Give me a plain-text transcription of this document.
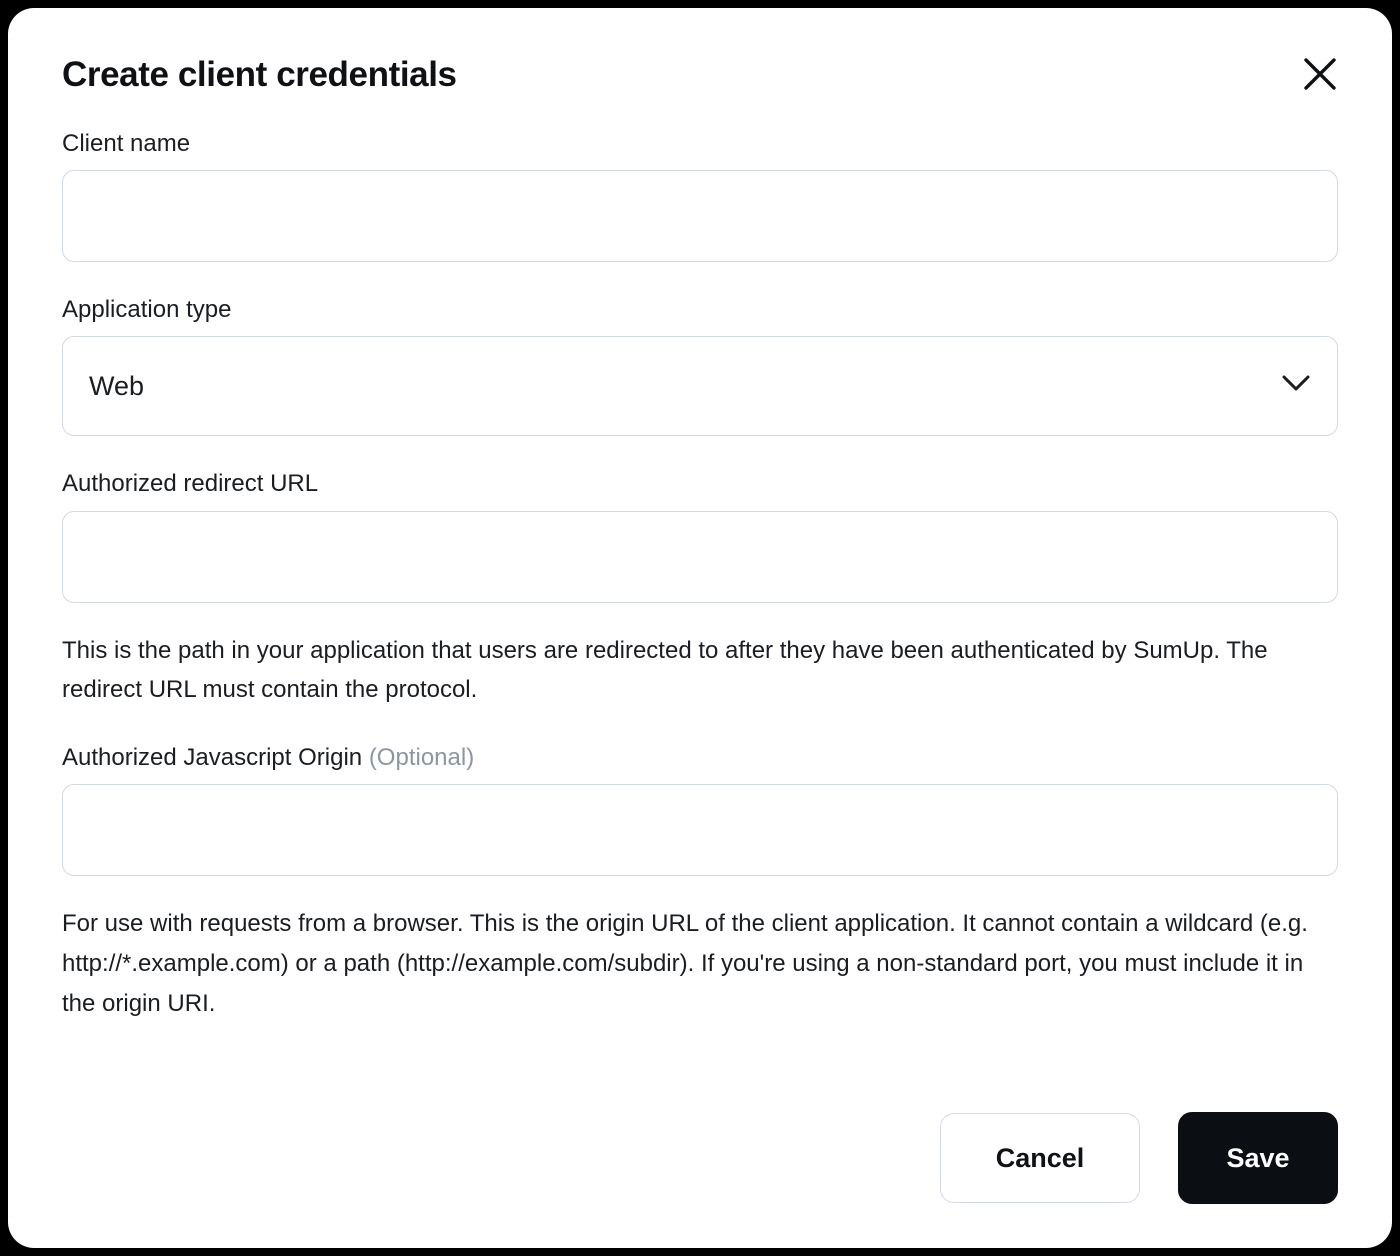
Create client credentials
Client name
Application type
Web
Authorized redirect URL
This is the path in your application that users are redirected to after they have been authenticated by SumUp. The redirect URL must contain the protocol.
Authorized Javascript Origin (Optional)
For use with requests from a browser. This is the origin URL of the client application. It cannot contain a wildcard (e.g. http://*.example.com) or a path (http://example.com/subdir). If you're using a non-standard port, you must include it in the origin URI.
Cancel	Save
